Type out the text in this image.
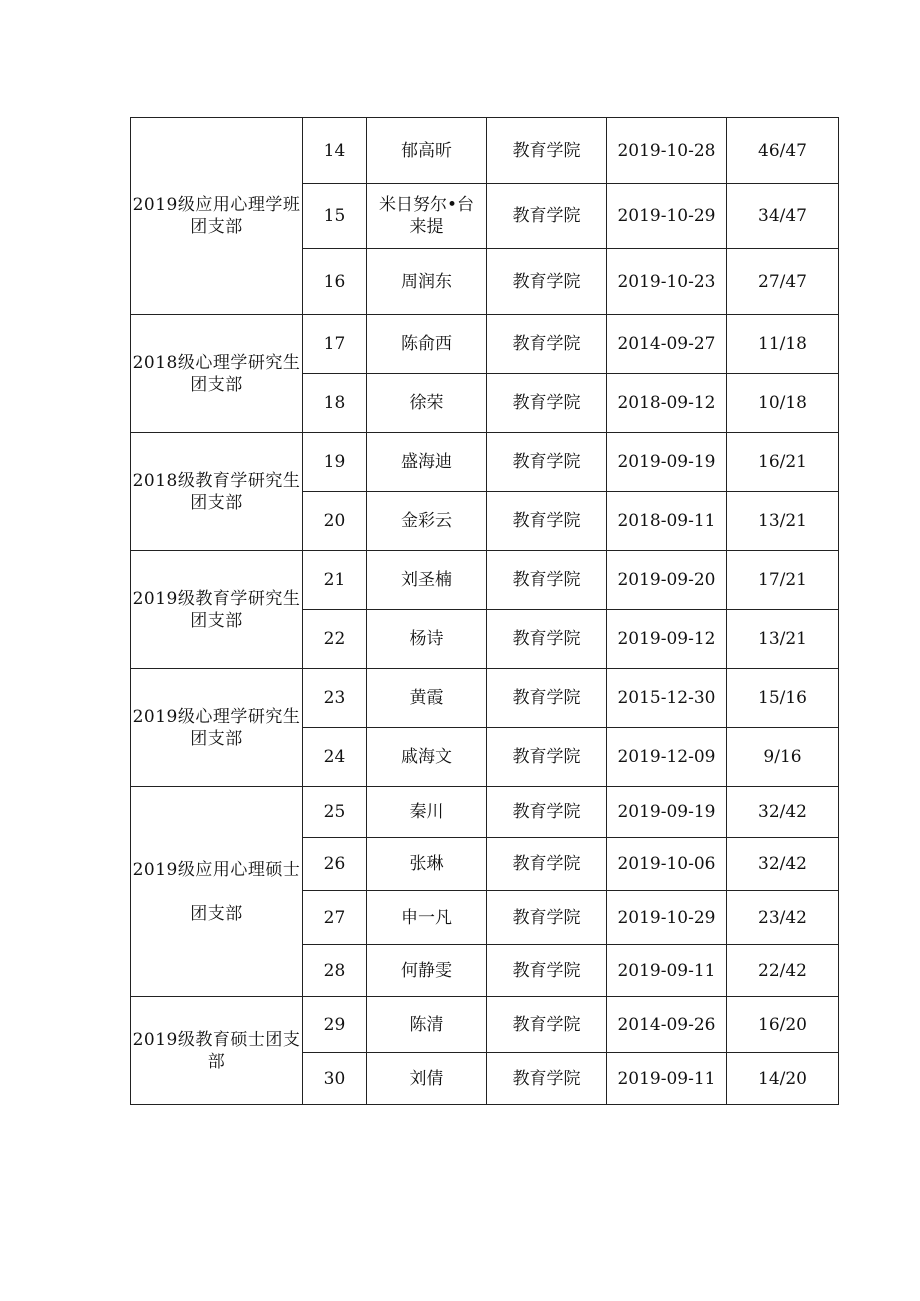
2019级应用心理学班团支部	14	郁高昕	教育学院	2019-10-28	46/47
	15	米日努尔•台来提	教育学院	2019-10-29	34/47
	16	周润东	教育学院	2019-10-23	27/47
2018级心理学研究生团支部	17	陈俞西	教育学院	2014-09-27	11/18
	18	徐荣	教育学院	2018-09-12	10/18
2018级教育学研究生团支部	19	盛海迪	教育学院	2019-09-19	16/21
	20	金彩云	教育学院	2018-09-11	13/21
2019级教育学研究生团支部	21	刘圣楠	教育学院	2019-09-20	17/21
	22	杨诗	教育学院	2019-09-12	13/21
2019级心理学研究生团支部	23	黄霞	教育学院	2015-12-30	15/16
	24	戚海文	教育学院	2019-12-09	9/16
2019级应用心理硕士团支部	25	秦川	教育学院	2019-09-19	32/42
	26	张琳	教育学院	2019-10-06	32/42
	27	申一凡	教育学院	2019-10-29	23/42
	28	何静雯	教育学院	2019-09-11	22/42
2019级教育硕士团支部	29	陈清	教育学院	2014-09-26	16/20
	30	刘倩	教育学院	2019-09-11	14/20
